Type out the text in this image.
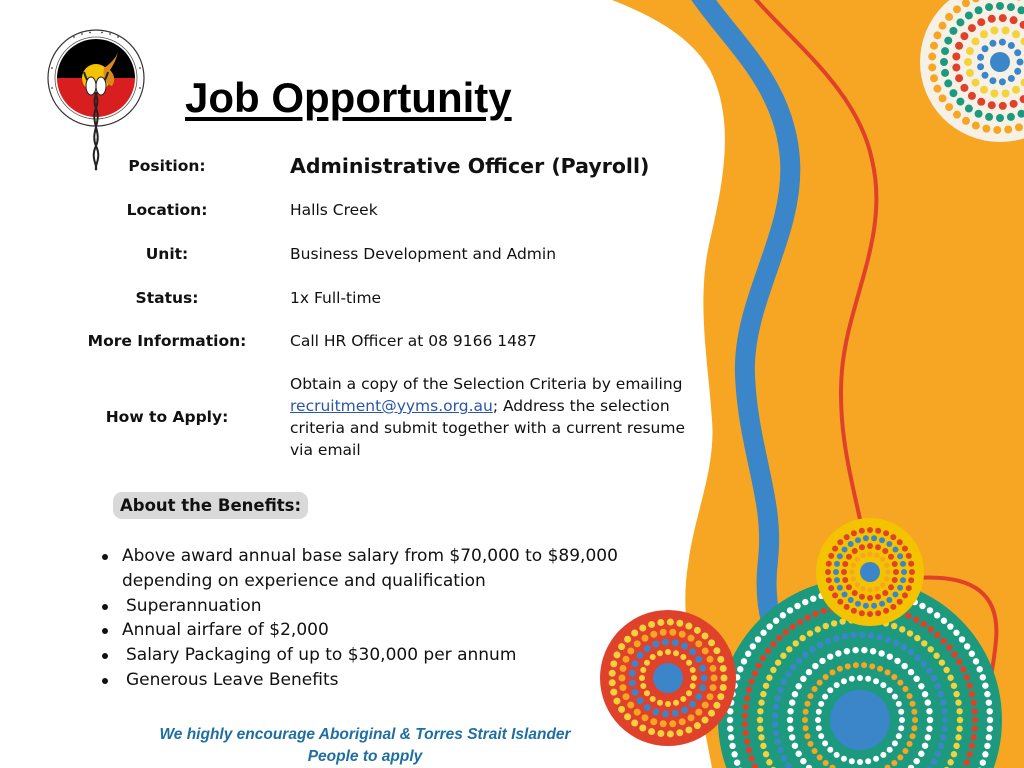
Job Opportunity
Position:	Administrative Officer (Payroll)
Location:	Halls Creek
Unit:	Business Development and Admin
Status:	1x Full-time
More Information:	Call HR Officer at 08 9166 1487
How to Apply:
Obtain a copy of the Selection Criteria by emailing recruitment@yyms.org.au; Address the selection criteria and submit together with a current resume via email
About the Benefits:
Above award annual base salary from $70,000 to $89,000 depending on experience and qualification
Superannuation
Annual airfare of $2,000
Salary Packaging of up to $30,000 per annum
Generous Leave Benefits
We highly encourage Aboriginal & Torres Strait Islander
People to apply
